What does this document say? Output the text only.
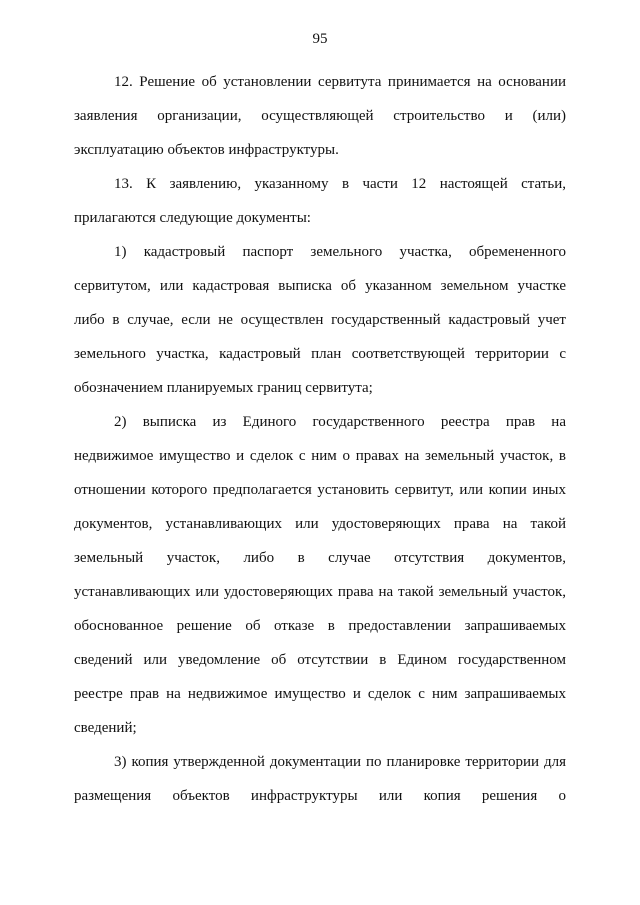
95
12. Решение об установлении сервитута принимается на основании
заявления организации, осуществляющей строительство и (или)
эксплуатацию объектов инфраструктуры.
13. К заявлению, указанному в части 12 настоящей статьи,
прилагаются следующие документы:
1) кадастровый паспорт земельного участка, обремененного
сервитутом, или кадастровая выписка об указанном земельном участке
либо в случае, если не осуществлен государственный кадастровый учет
земельного участка, кадастровый план соответствующей территории с
обозначением планируемых границ сервитута;
2) выписка из Единого государственного реестра прав на
недвижимое имущество и сделок с ним о правах на земельный участок, в
отношении которого предполагается установить сервитут, или копии иных
документов, устанавливающих или удостоверяющих права на такой
земельный участок, либо в случае отсутствия документов,
устанавливающих или удостоверяющих права на такой земельный участок,
обоснованное решение об отказе в предоставлении запрашиваемых
сведений или уведомление об отсутствии в Едином государственном
реестре прав на недвижимое имущество и сделок с ним запрашиваемых
сведений;
3) копия утвержденной документации по планировке территории для
размещения объектов инфраструктуры или копия решения о
